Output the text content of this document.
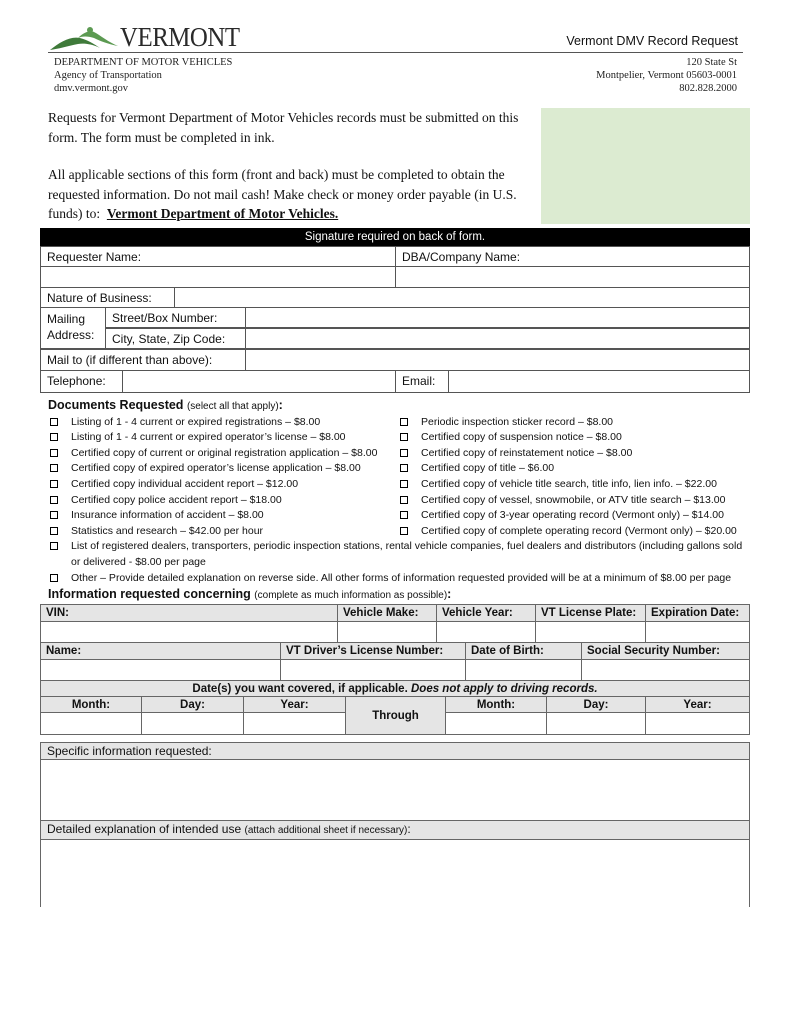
VERMONT	Vermont DMV Record Request
DEPARTMENT OF MOTOR VEHICLES
Agency of Transportation
dmv.vermont.gov
120 State St
Montpelier, Vermont 05603-0001
802.828.2000

Requests for Vermont Department of Motor Vehicles records must be submitted on this form. The form must be completed in ink.

All applicable sections of this form (front and back) must be completed to obtain the requested information. Do not mail cash! Make check or money order payable (in U.S. funds) to: Vermont Department of Motor Vehicles.

Signature required on back of form.
Requester Name:	DBA/Company Name:
Nature of Business:
Mailing
Address:
Street/Box Number:
City, State, Zip Code:
Mail to (if different than above):
Telephone:	Email:
Documents Requested (select all that apply):
Listing of 1 - 4 current or expired registrations – $8.00
Listing of 1 - 4 current or expired operator’s license – $8.00
Certified copy of current or original registration application – $8.00
Certified copy of expired operator’s license application – $8.00
Certified copy individual accident report – $12.00
Certified copy police accident report – $18.00
Insurance information of accident – $8.00
Statistics and research – $42.00 per hour
Periodic inspection sticker record – $8.00
Certified copy of suspension notice – $8.00
Certified copy of reinstatement notice – $8.00
Certified copy of title – $6.00
Certified copy of vehicle title search, title info, lien info. – $22.00
Certified copy of vessel, snowmobile, or ATV title search – $13.00
Certified copy of 3-year operating record (Vermont only) – $14.00
Certified copy of complete operating record (Vermont only) – $20.00
List of registered dealers, transporters, periodic inspection stations, rental vehicle companies, fuel dealers and distributors (including gallons sold or delivered - $8.00 per page
Other – Provide detailed explanation on reverse side. All other forms of information requested provided will be at a minimum of $8.00 per page
Information requested concerning (complete as much information as possible):
VIN:	Vehicle Make:	Vehicle Year:	VT License Plate:	Expiration Date:
Name:	VT Driver’s License Number:	Date of Birth:	Social Security Number:
Date(s) you want covered, if applicable. Does not apply to driving records.
Month:	Day:	Year:
Through
Month:	Day:	Year:
Specific information requested:
Detailed explanation of intended use (attach additional sheet if necessary):
